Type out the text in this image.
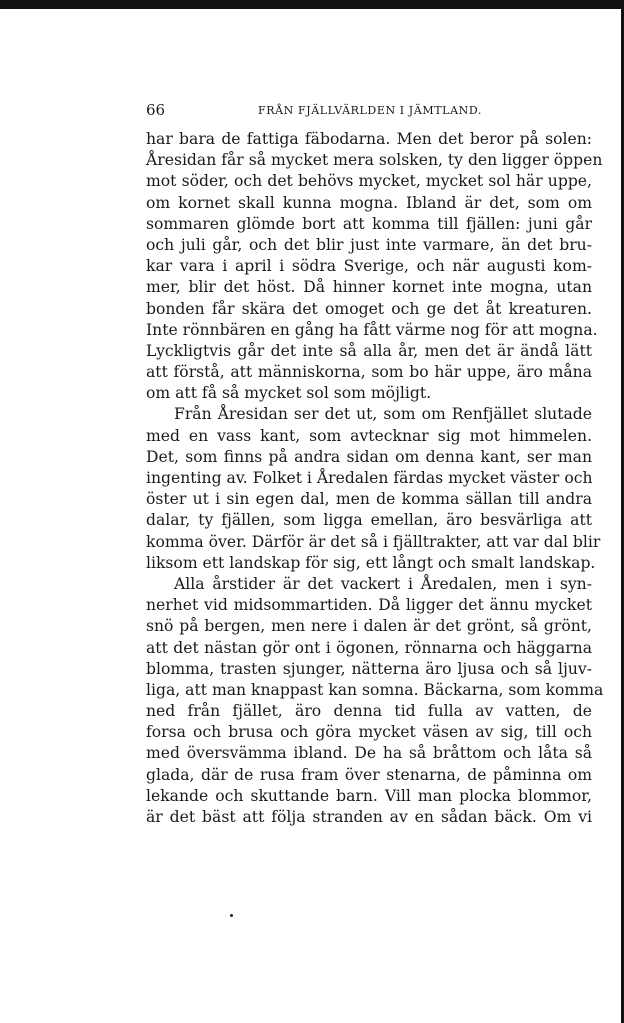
66	FRÅN FJÄLLVÄRLDEN I JÄMTLAND.
har bara de fattiga fäbodarna. Men det beror på solen:
Åresidan får så mycket mera solsken, ty den ligger öppen
mot söder, och det behövs mycket, mycket sol här uppe,
om kornet skall kunna mogna. Ibland är det, som om
sommaren glömde bort att komma till fjällen: juni går
och juli går, och det blir just inte varmare, än det bru-
kar vara i april i södra Sverige, och när augusti kom-
mer, blir det höst. Då hinner kornet inte mogna, utan
bonden får skära det omoget och ge det åt kreaturen.
Inte rönnbären en gång ha fått värme nog för att mogna.
Lyckligtvis går det inte så alla år, men det är ändå lätt
att förstå, att människorna, som bo här uppe, äro måna
om att få så mycket sol som möjligt.
Från Åresidan ser det ut, som om Renfjället slutade
med en vass kant, som avtecknar sig mot himmelen.
Det, som finns på andra sidan om denna kant, ser man
ingenting av. Folket i Åredalen färdas mycket väster och
öster ut i sin egen dal, men de komma sällan till andra
dalar, ty fjällen, som ligga emellan, äro besvärliga att
komma över. Därför är det så i fjälltrakter, att var dal blir
liksom ett landskap för sig, ett långt och smalt landskap.
Alla årstider är det vackert i Åredalen, men i syn-
nerhet vid midsommartiden. Då ligger det ännu mycket
snö på bergen, men nere i dalen är det grönt, så grönt,
att det nästan gör ont i ögonen, rönnarna och häggarna
blomma, trasten sjunger, nätterna äro ljusa och så ljuv-
liga, att man knappast kan somna. Bäckarna, som komma
ned från fjället, äro denna tid fulla av vatten, de
forsa och brusa och göra mycket väsen av sig, till och
med översvämma ibland. De ha så bråttom och låta så
glada, där de rusa fram över stenarna, de påminna om
lekande och skuttande barn. Vill man plocka blommor,
är det bäst att följa stranden av en sådan bäck. Om vi
